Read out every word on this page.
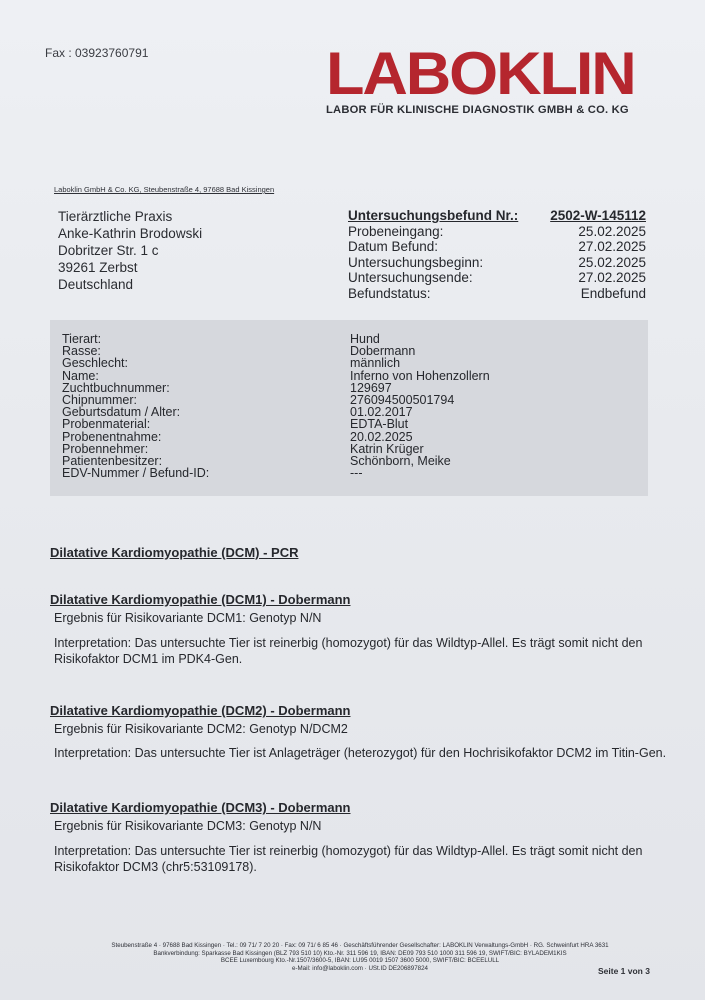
Fax : 03923760791	LABOKLIN
LABOR FÜR KLINISCHE DIAGNOSTIK GMBH & CO. KG
Laboklin GmbH & Co. KG, Steubenstraße 4, 97688 Bad Kissingen
Tierärztliche Praxis
Anke-Kathrin Brodowski
Dobritzer Str. 1 c
39261 Zerbst
Deutschland
Untersuchungsbefund Nr.: 2502-W-145112
Probeneingang:	25.02.2025
Datum Befund:	27.02.2025
Untersuchungsbeginn:	25.02.2025
Untersuchungsende:	27.02.2025
Befundstatus:	Endbefund
Tierart:	Hund
Rasse:	Dobermann
Geschlecht:	männlich
Name:	Inferno von Hohenzollern
Zuchtbuchnummer:	129697
Chipnummer:	276094500501794
Geburtsdatum / Alter:	01.02.2017
Probenmaterial:	EDTA-Blut
Probenentnahme:	20.02.2025
Probennehmer:	Katrin Krüger
Patientenbesitzer:	Schönborn, Meike
EDV-Nummer / Befund-ID:	---
Dilatative Kardiomyopathie (DCM) - PCR
Dilatative Kardiomyopathie (DCM1) - Dobermann
Ergebnis für Risikovariante DCM1: Genotyp N/N
Interpretation: Das untersuchte Tier ist reinerbig (homozygot) für das Wildtyp-Allel. Es trägt somit nicht den
Risikofaktor DCM1 im PDK4-Gen.
Dilatative Kardiomyopathie (DCM2) - Dobermann
Ergebnis für Risikovariante DCM2: Genotyp N/DCM2
Interpretation: Das untersuchte Tier ist Anlageträger (heterozygot) für den Hochrisikofaktor DCM2 im Titin-Gen.
Dilatative Kardiomyopathie (DCM3) - Dobermann
Ergebnis für Risikovariante DCM3: Genotyp N/N
Interpretation: Das untersuchte Tier ist reinerbig (homozygot) für das Wildtyp-Allel. Es trägt somit nicht den
Risikofaktor DCM3 (chr5:53109178).
Steubenstraße 4 · 97688 Bad Kissingen · Tel.: 09 71/ 7 20 20 · Fax: 09 71/ 6 85 46 · Geschäftsführender Gesellschafter: LABOKLIN Verwaltungs-GmbH · RG. Schweinfurt HRA 3631
Bankverbindung: Sparkasse Bad Kissingen (BLZ 793 510 10) Kto.-Nr. 311 596 19, IBAN: DE09 793 510 1000 311 596 19, SWIFT/BIC: BYLADEM1KIS
BCEE Luxembourg Kto.-Nr.1507/3600-5, IBAN: LU95 0019 1507 3600 5000, SWIFT/BIC: BCEELULL
e-Mail: info@laboklin.com · USt.ID DE206897824	Seite 1 von 3
